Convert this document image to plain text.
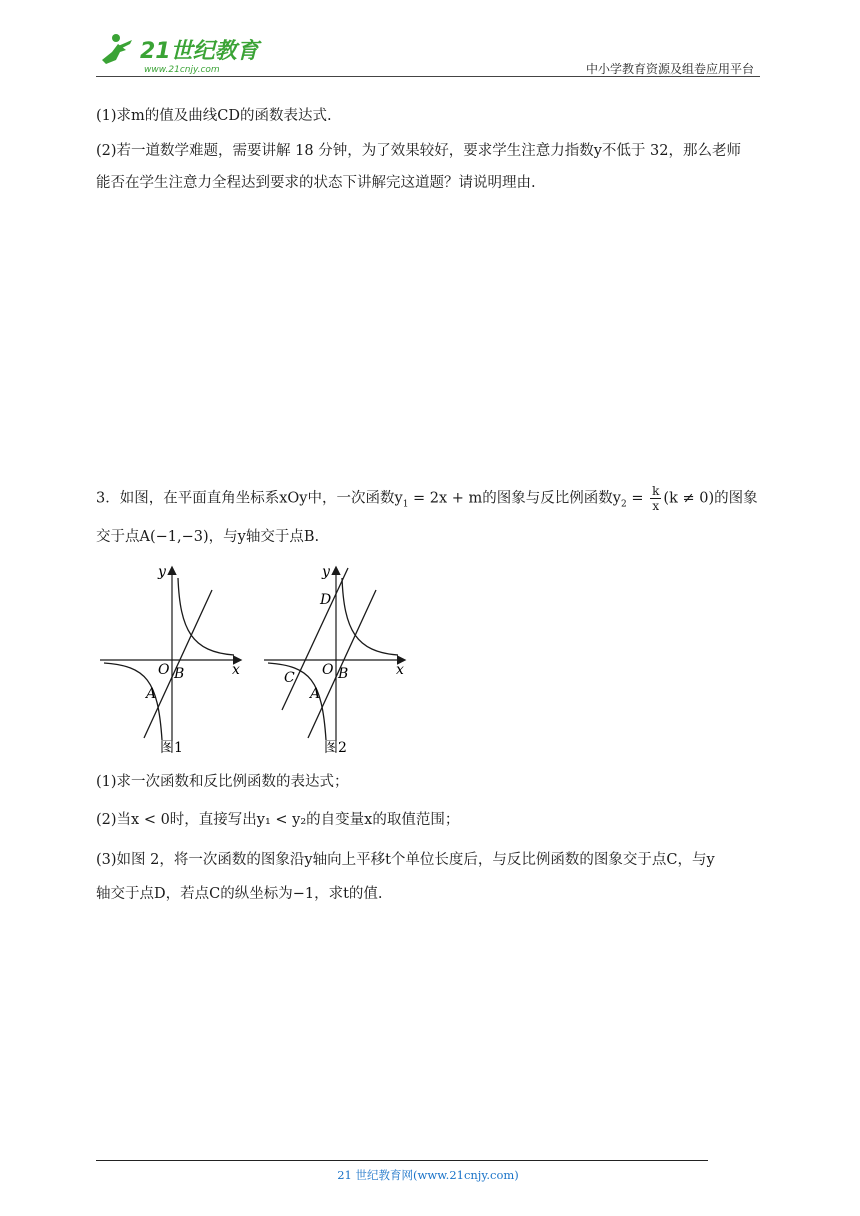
21世纪教育
www.21cnjy.com	中小学教育资源及组卷应用平台
(1)求m的值及曲线CD的函数表达式.
(2)若一道数学难题，需要讲解 18 分钟，为了效果较好，要求学生注意力指数y不低于 32，那么老师
能否在学生注意力全程达到要求的状态下讲解完这道题？请说明理由.
3．如图，在平面直角坐标系xOy中，一次函数$y_1 = 2x + m$的图象与反比例函数$y_2 = \frac{k}{x} (k \ne 0)$的图象
交于点A(−1,−3)，与y轴交于点B.
y
x
O B
A
图1
y
x
O B
A
C
D
图2
(1)求一次函数和反比例函数的表达式；
(2)当x < 0时，直接写出y₁ < y₂的自变量x的取值范围；
(3)如图 2，将一次函数的图象沿y轴向上平移t个单位长度后，与反比例函数的图象交于点C，与y
轴交于点D，若点C的纵坐标为−1，求t的值.
21 世纪教育网(www.21cnjy.com)
